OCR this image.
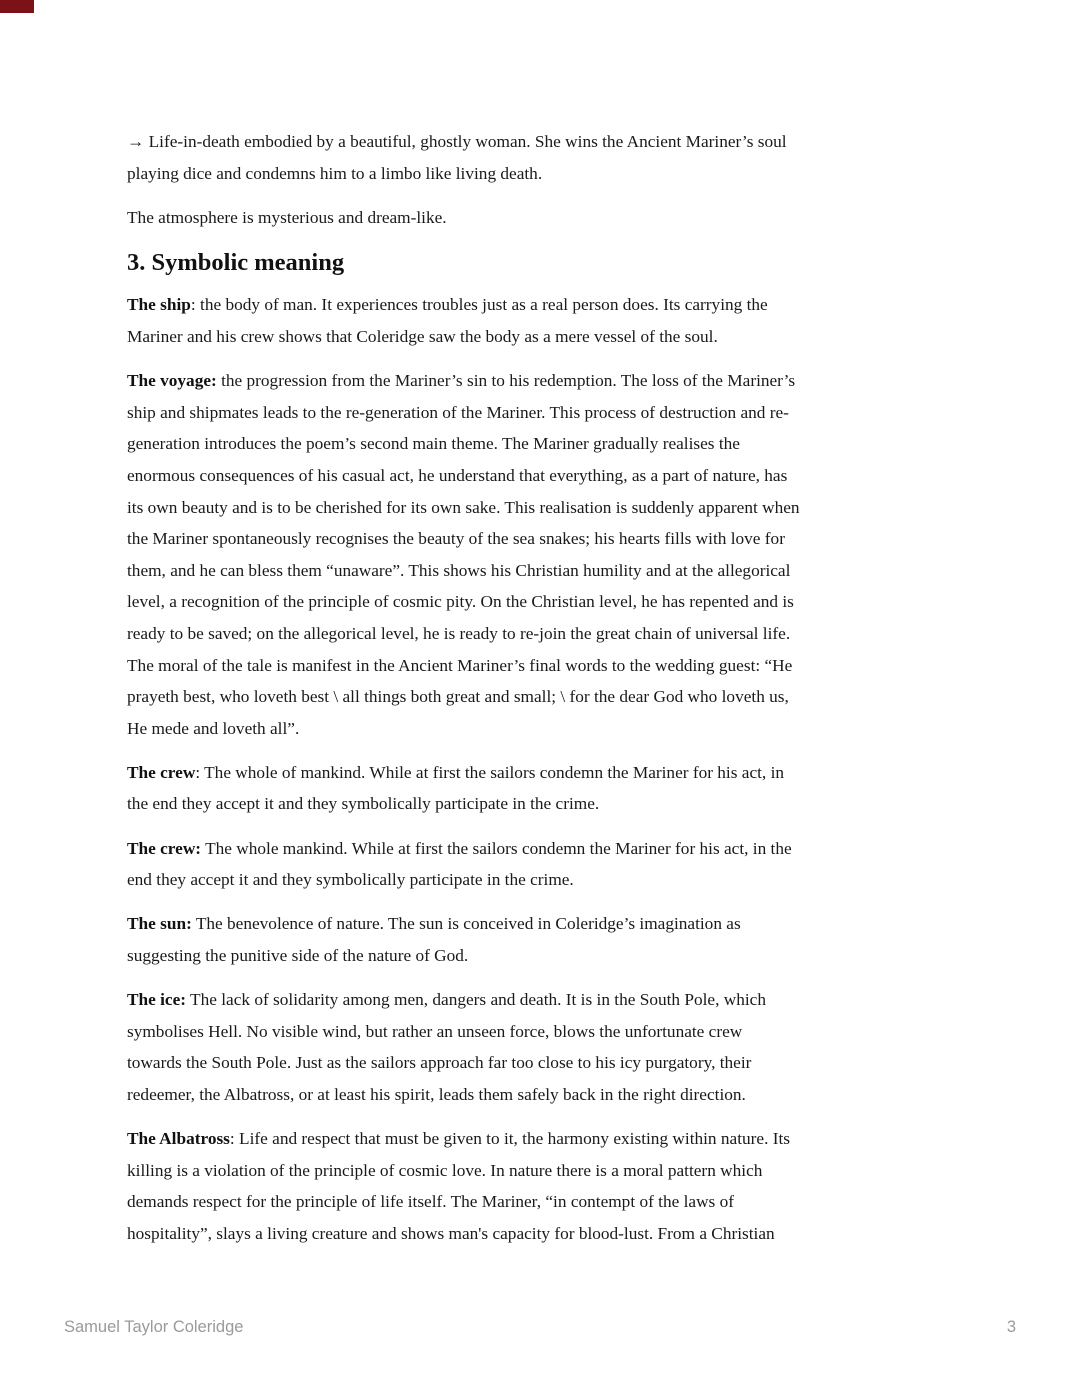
→ Life-in-death embodied by a beautiful, ghostly woman. She wins the Ancient Mariner’s soul
playing dice and condemns him to a limbo like living death.

The atmosphere is mysterious and dream-like.

3. Symbolic meaning

The ship: the body of man. It experiences troubles just as a real person does. Its carrying the
Mariner and his crew shows that Coleridge saw the body as a mere vessel of the soul.

The voyage: the progression from the Mariner’s sin to his redemption. The loss of the Mariner’s
ship and shipmates leads to the re-generation of the Mariner. This process of destruction and re-
generation introduces the poem’s second main theme. The Mariner gradually realises the
enormous consequences of his casual act, he understand that everything, as a part of nature, has
its own beauty and is to be cherished for its own sake. This realisation is suddenly apparent when
the Mariner spontaneously recognises the beauty of the sea snakes; his hearts fills with love for
them, and he can bless them “unaware”. This shows his Christian humility and at the allegorical
level, a recognition of the principle of cosmic pity. On the Christian level, he has repented and is
ready to be saved; on the allegorical level, he is ready to re-join the great chain of universal life.
The moral of the tale is manifest in the Ancient Mariner’s final words to the wedding guest: “He
prayeth best, who loveth best \ all things both great and small; \ for the dear God who loveth us,
He mede and loveth all”.

The crew: The whole of mankind. While at first the sailors condemn the Mariner for his act, in
the end they accept it and they symbolically participate in the crime.

The crew: The whole mankind. While at first the sailors condemn the Mariner for his act, in the
end they accept it and they symbolically participate in the crime.

The sun: The benevolence of nature. The sun is conceived in Coleridge’s imagination as
suggesting the punitive side of the nature of God.

The ice: The lack of solidarity among men, dangers and death. It is in the South Pole, which
symbolises Hell. No visible wind, but rather an unseen force, blows the unfortunate crew
towards the South Pole. Just as the sailors approach far too close to his icy purgatory, their
redeemer, the Albatross, or at least his spirit, leads them safely back in the right direction.

The Albatross: Life and respect that must be given to it, the harmony existing within nature. Its
killing is a violation of the principle of cosmic love. In nature there is a moral pattern which
demands respect for the principle of life itself. The Mariner, “in contempt of the laws of
hospitality”, slays a living creature and shows man's capacity for blood-lust. From a Christian

Samuel Taylor Coleridge	3
